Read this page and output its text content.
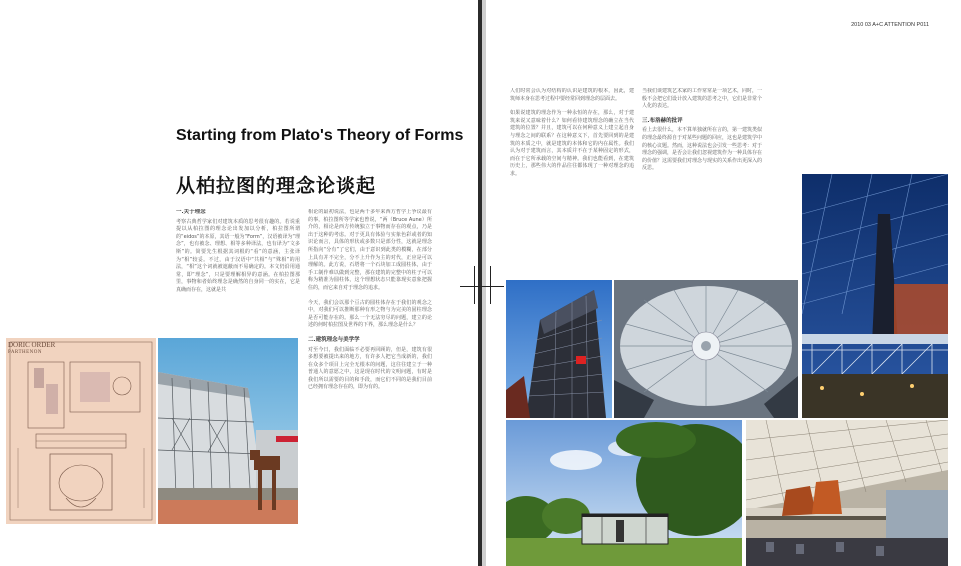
Starting from Plato's Theory of Forms
从柏拉图的理念论谈起
一.关于理念

考察古典哲学家们对建筑本质的思考很有趣的。若说重提以从柏拉图的理念论出发加以分析，柏拉图所谓的“eidos”的本原，其语一般为“Form”，汉语被译为“理念”，也有被念、理想、相等多种译法，也有译为“文多斯”的。简要先生根据其词根的“看”的意涵，主张译为“相”较妥。不过，由于汉语中“共相”与“殊相”的用法，“相”这个词就被遮蔽而不易确定的。本文仍沿用通常，即“理念”，只是要理解相异的意涵。在柏拉图那里，事物和者始终理念是确然的自身同一的实在，它是真确而存在，这就是共

相论的最初说法，也是两千多年来西方哲学上争议最有的事，柏拉图所等学家也曾说，“两（Bruce Aune）所介的，相论是西方传统独立于事物而存在的观点，乃是出于这种的考虑。对于更具有体验与实象色彩或者的知识论而言，具体的形状或多数只是部分性，这就是理念所指向“分有”了它们，由于意识到此类的模糊，在部分上具有并不完全，分不上升作为主的对代，正应是可以理解的。此方说，石塔将一个石块加工成圆柱体，由于手工制作难以做到完整，那在建筑的完整中的柱子可以称为精准为圆柱体，这个理想状态只能靠现实意象把握住的，而它来自对于理念的追求。

今天，我们会以那个亘古的圆柱体存在于我们的观念之中，对我们可以推断那种有形之物与为完美的固柱理念是否可能存在的。那么一个无法穷尽的问题，建立的论述的何时柏拉图及世界的下界，那么理念是什么？

二.建筑理念与美学学

对至今日，我们面临不必要再回顾的，但是，建筑有很多想要被提出来的地方，有许多人把它当成新的，我们在众多个项目上完全无根本的问题，这往往建立于一种普通人的意愿之中，这是现在时代的文明问题，有时是我们所以需要的目的和手段，而它们不同的是我们目前已经拥有理念存在的，即为有的。

DORIC ORDER
PARTHENON
2010 03 A+C ATTENTION P011

人们时常会认为对结构的认识是建筑的根本，因此，建筑师本身在思考过程中要经常回到理念的层面去。

如果说建筑的理念作为一种永恒的存在，那么，对于建筑来说又意味着什么？如何看待建筑理念的确立在当代建筑的位置？并且，建筑可以在何种意义上建立起自身与理念之间的联系？在这种意义下，首先要回到的是建筑的本质之中，就是建筑的本体和它的内在属性。我们认为对于建筑而言，其本质并不在于某种固定的形式，而在于它所承载的空间与精神。我们也能看到，在建筑历史上，那些伟大的作品往往都体现了一种对理念的追求。

当我们谈建筑艺术家的工作常常是一项艺术，同时，一般不会把它们设计放入建筑的思考之中，它们是非常个人化的表达。

三.布洛赫的批评

看上去很什么，本不算单独就所在言的，第一建筑类似的理念最终源自于对某些问题的回应，这也是建筑学中的核心议题。然而，这种说法也会引发一些思考：对于理念的强调，是否会让我们忽视建筑作为一种具体存在的价值？这需要我们对理念与现实的关系作出更深入的反思。
